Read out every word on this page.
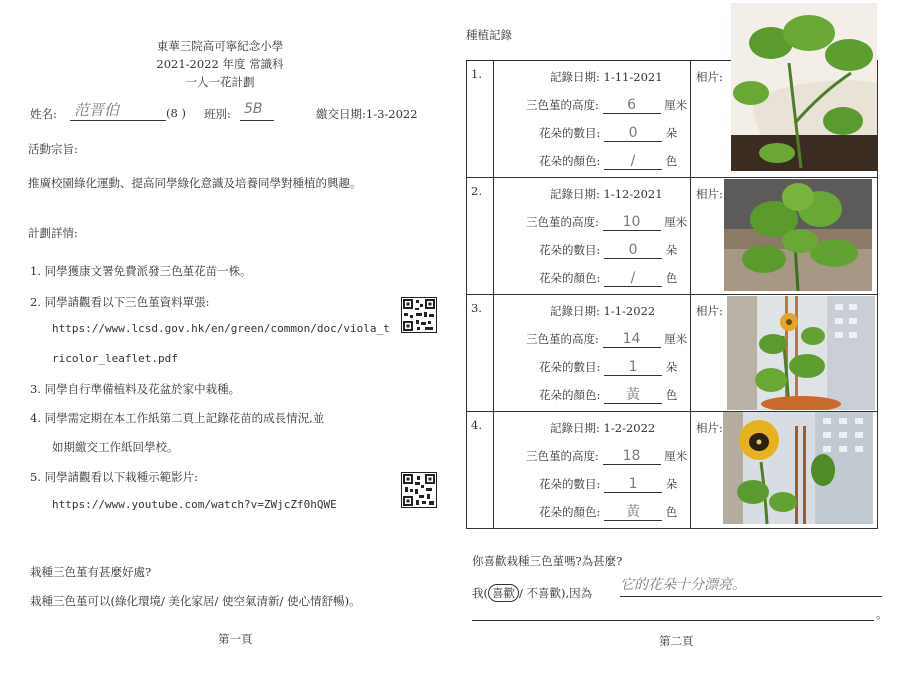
東華三院高可寧紀念小學
2021-2022 年度 常識科
一人一花計劃
姓名: 范晋伯	(8 ) 班別: 5B	繳交日期:1-3-2022
活動宗旨:
推廣校園綠化運動、提高同學綠化意識及培養同學對種植的興趣。
計劃詳情:
1. 同學獲康文署免費派發三色堇花苗一株。
2. 同學請觀看以下三色堇資料單張:
https://www.lcsd.gov.hk/en/green/common/doc/viola_t
ricolor_leaflet.pdf
3. 同學自行準備植料及花盆於家中栽種。
4. 同學需定期在本工作紙第二頁上記錄花苗的成長情況,並
如期繳交工作紙回學校。
5. 同學請觀看以下栽種示範影片:
https://www.youtube.com/watch?v=ZWjcZf0hQWE
栽種三色堇有甚麼好處?
栽種三色堇可以(綠化環境/ 美化家居/ 使空氣清新/ 使心情舒暢)。
第一頁
種植記錄
1.	記錄日期: 1-11-2021
三色堇的高度: 6 厘米
花朵的數目: 0 朵
花朵的顏色: / 色	相片:

2.	記錄日期: 1-12-2021
三色堇的高度: 10 厘米
花朵的數目: 0 朵
花朵的顏色: / 色	相片:

3.	記錄日期: 1-1-2022
三色堇的高度: 14 厘米
花朵的數目: 1 朵
花朵的顏色: 黃 色	相片:

4.	記錄日期: 1-2-2022
三色堇的高度: 18 厘米
花朵的數目: 1 朵
花朵的顏色: 黃 色	相片:
你喜歡栽種三色堇嗎?為甚麼?
我( 喜歡 / 不喜歡),因為 它的花朵十分漂亮。
。
第二頁
